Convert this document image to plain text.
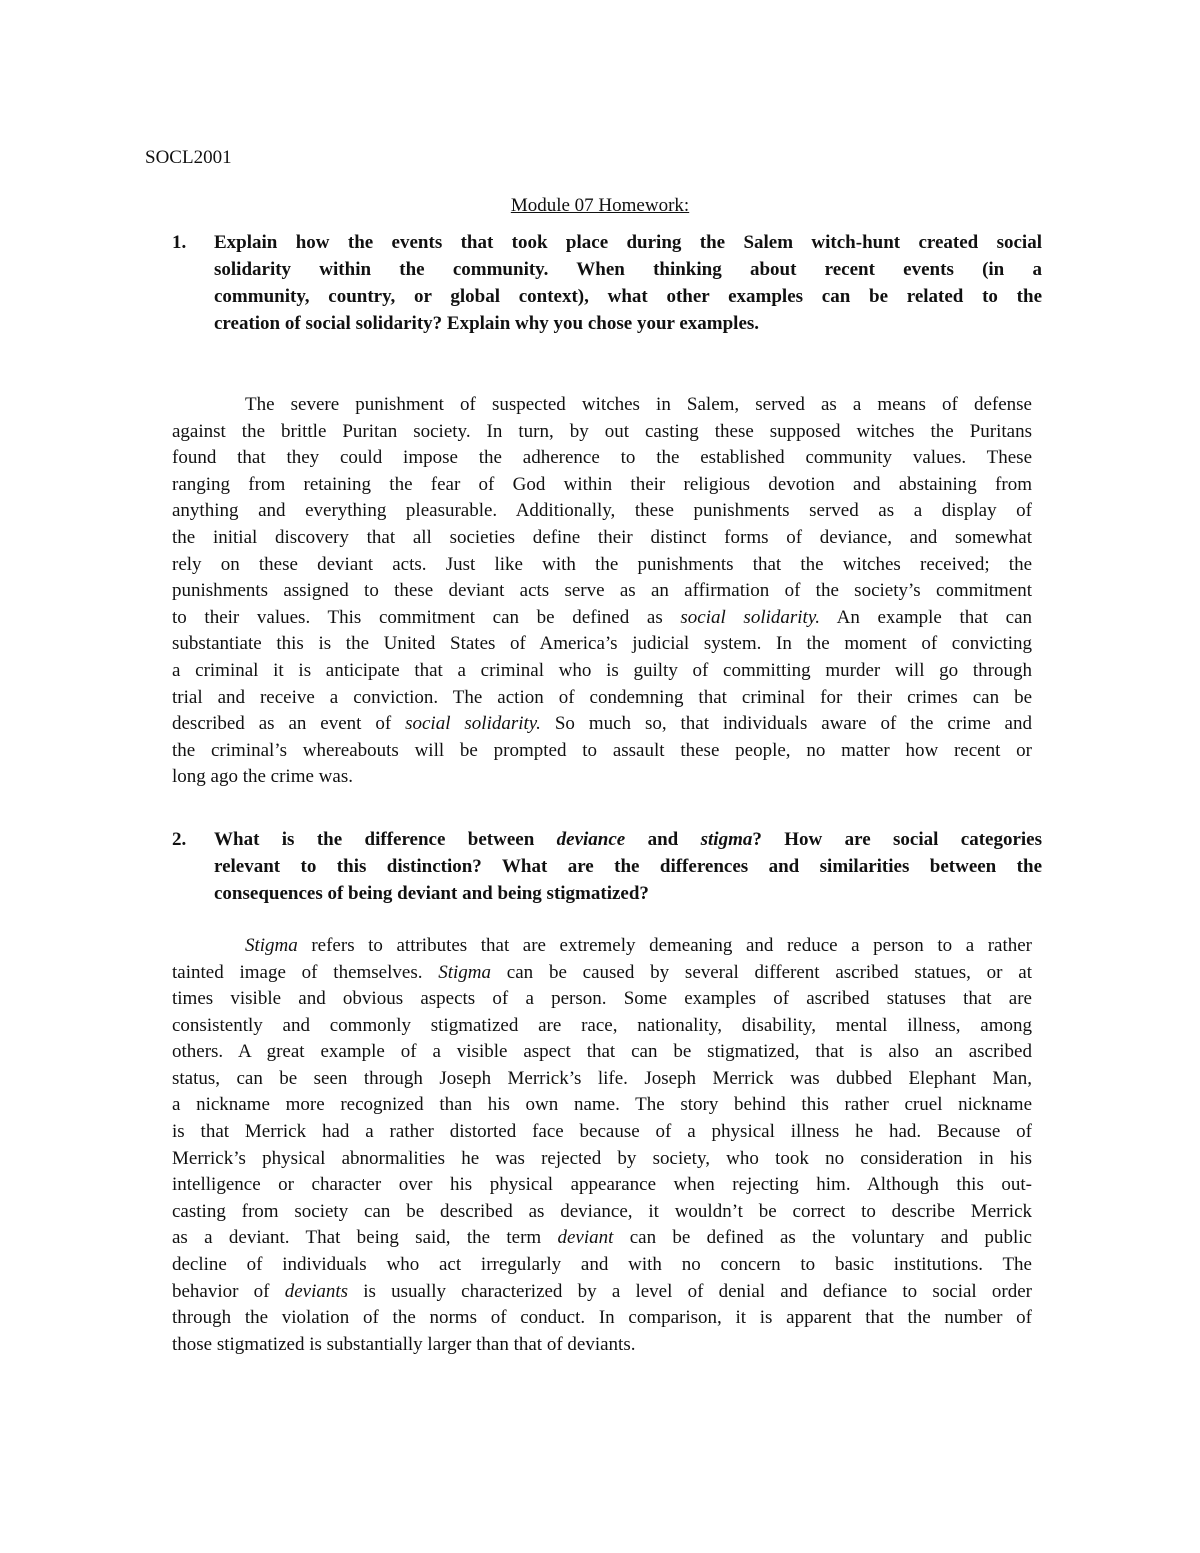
SOCL2001
Module 07 Homework:
1. Explain how the events that took place during the Salem witch-hunt created social
solidarity within the community. When thinking about recent events (in a
community, country, or global context), what other examples can be related to the
creation of social solidarity? Explain why you chose your examples.
The severe punishment of suspected witches in Salem, served as a means of defense
against the brittle Puritan society. In turn, by out casting these supposed witches the Puritans
found that they could impose the adherence to the established community values. These
ranging from retaining the fear of God within their religious devotion and abstaining from
anything and everything pleasurable. Additionally, these punishments served as a display of
the initial discovery that all societies define their distinct forms of deviance, and somewhat
rely on these deviant acts. Just like with the punishments that the witches received; the
punishments assigned to these deviant acts serve as an affirmation of the society’s commitment
to their values. This commitment can be defined as social solidarity. An example that can
substantiate this is the United States of America’s judicial system. In the moment of convicting
a criminal it is anticipate that a criminal who is guilty of committing murder will go through
trial and receive a conviction. The action of condemning that criminal for their crimes can be
described as an event of social solidarity. So much so, that individuals aware of the crime and
the criminal’s whereabouts will be prompted to assault these people, no matter how recent or
long ago the crime was.
2. What is the difference between deviance and stigma? How are social categories
relevant to this distinction? What are the differences and similarities between the
consequences of being deviant and being stigmatized?
Stigma refers to attributes that are extremely demeaning and reduce a person to a rather
tainted image of themselves. Stigma can be caused by several different ascribed statues, or at
times visible and obvious aspects of a person. Some examples of ascribed statuses that are
consistently and commonly stigmatized are race, nationality, disability, mental illness, among
others. A great example of a visible aspect that can be stigmatized, that is also an ascribed
status, can be seen through Joseph Merrick’s life. Joseph Merrick was dubbed Elephant Man,
a nickname more recognized than his own name. The story behind this rather cruel nickname
is that Merrick had a rather distorted face because of a physical illness he had. Because of
Merrick’s physical abnormalities he was rejected by society, who took no consideration in his
intelligence or character over his physical appearance when rejecting him. Although this out-
casting from society can be described as deviance, it wouldn’t be correct to describe Merrick
as a deviant. That being said, the term deviant can be defined as the voluntary and public
decline of individuals who act irregularly and with no concern to basic institutions. The
behavior of deviants is usually characterized by a level of denial and defiance to social order
through the violation of the norms of conduct. In comparison, it is apparent that the number of
those stigmatized is substantially larger than that of deviants.
